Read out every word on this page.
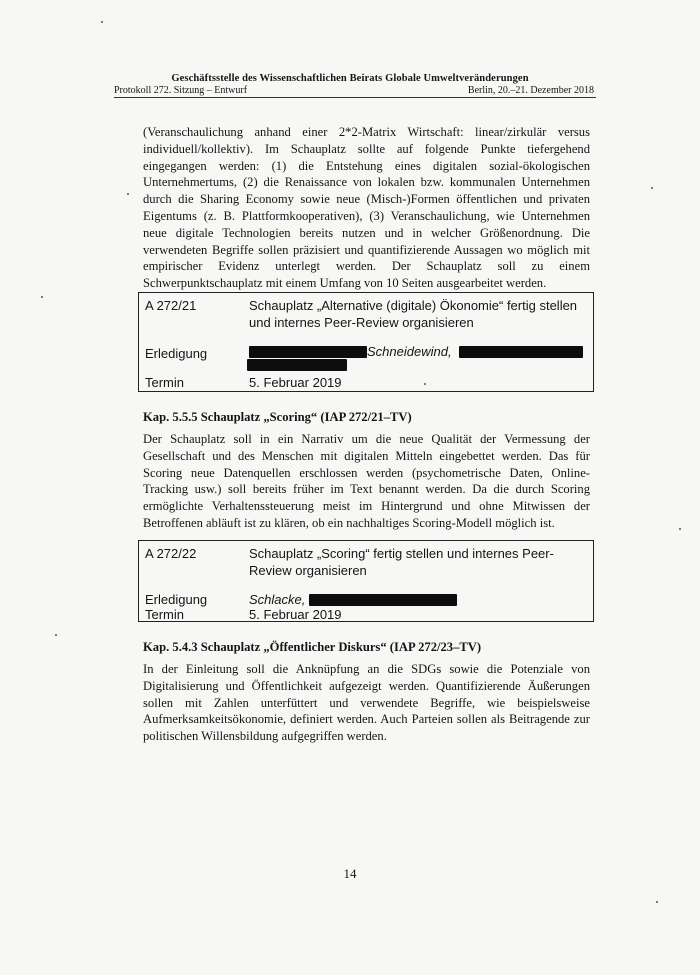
Geschäftsstelle des Wissenschaftlichen Beirats Globale Umweltveränderungen
Protokoll 272. Sitzung – Entwurf	Berlin, 20.–21. Dezember 2018

(Veranschaulichung anhand einer 2*2-Matrix Wirtschaft: linear/zirkulär versus individuell/kollektiv). Im Schauplatz sollte auf folgende Punkte tiefergehend eingegangen werden: (1) die Entstehung eines digitalen sozial-ökologischen Unternehmertums, (2) die Renaissance von lokalen bzw. kommunalen Unternehmen durch die Sharing Economy sowie neue (Misch-)Formen öffentlichen und privaten Eigentums (z. B. Plattformkooperativen), (3) Veranschaulichung, wie Unternehmen neue digitale Technologien bereits nutzen und in welcher Größenordnung. Die verwendeten Begriffe sollen präzisiert und quantifizierende Aussagen wo möglich mit empirischer Evidenz unterlegt werden. Der Schauplatz soll zu einem Schwerpunktschauplatz mit einem Umfang von 10 Seiten ausgearbeitet werden.

A 272/21	Schauplatz „Alternative (digitale) Ökonomie“ fertig stellen und internes Peer-Review organisieren
Erledigung	Schneidewind,
Termin	5. Februar 2019
Kap. 5.5.5 Schauplatz „Scoring“ (IAP 272/21–TV)

Der Schauplatz soll in ein Narrativ um die neue Qualität der Vermessung der Gesellschaft und des Menschen mit digitalen Mitteln eingebettet werden. Das für Scoring neue Datenquellen erschlossen werden (psychometrische Daten, Online-Tracking usw.) soll bereits früher im Text benannt werden. Da die durch Scoring ermöglichte Verhaltenssteuerung meist im Hintergrund und ohne Mitwissen der Betroffenen abläuft ist zu klären, ob ein nachhaltiges Scoring-Modell möglich ist.

A 272/22	Schauplatz „Scoring“ fertig stellen und internes Peer-Review organisieren
Erledigung	Schlacke,
Termin	5. Februar 2019
Kap. 5.4.3 Schauplatz „Öffentlicher Diskurs“ (IAP 272/23–TV)

In der Einleitung soll die Anknüpfung an die SDGs sowie die Potenziale von Digitalisierung und Öffentlichkeit aufgezeigt werden. Quantifizierende Äußerungen sollen mit Zahlen unterfüttert und verwendete Begriffe, wie beispielsweise Aufmerksamkeitsökonomie, definiert werden. Auch Parteien sollen als Beitragende zur politischen Willensbildung aufgegriffen werden.

14
